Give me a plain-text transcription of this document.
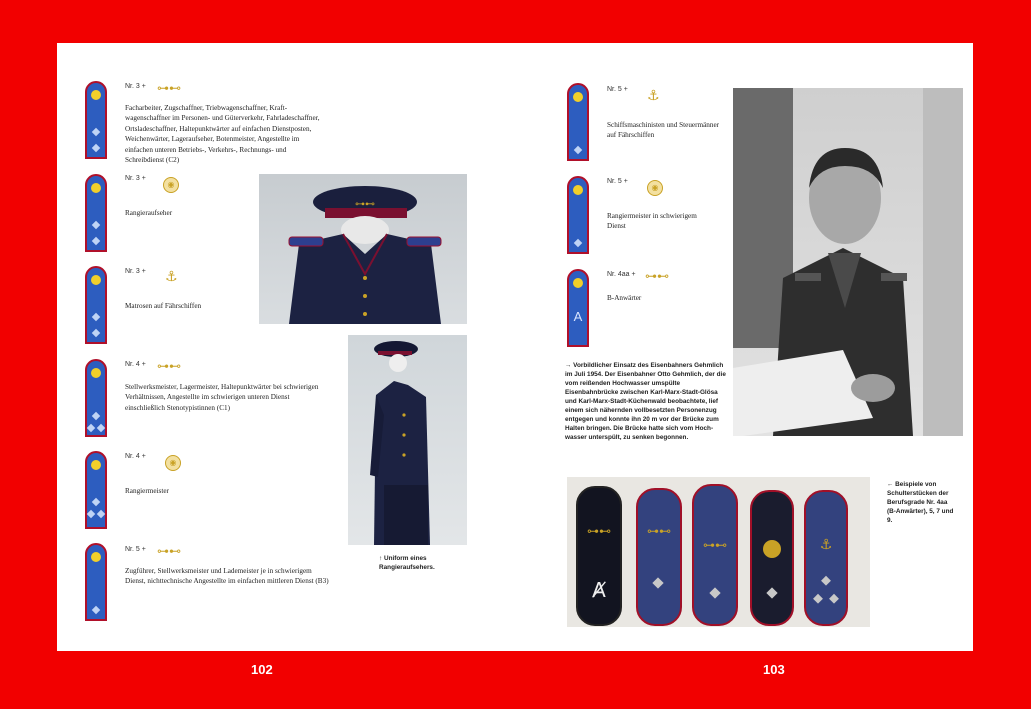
Nr. 3 + ⊶⊷
Facharbeiter, Zugschaffner, Triebwagenschaffner, Kraftwagenschaffner im Personen- und Güterverkehr, Fahrladeschaffner, Ortsladeschaffner, Haltepunktwärter auf einfachen Dienstposten, Weichenwärter, Lageraufseher, Botenmeister, Angestellte im einfachen unteren Betriebs-, Verkehrs-, Rechnungs- und Schreibdienst (C2)
Nr. 3 +
◉
Rangieraufseher
⊶⊷
Nr. 3 + ⚓
Matrosen auf Fährschiffen
Nr. 4 + ⊶⊷
Stellwerksmeister, Lagermeister, Haltepunktwärter bei schwierigen Verhältnissen, Angestellte im schwierigen unteren Dienst einschließlich Stenotypistinnen (C1)
Nr. 4 +
◉
Rangiermeister
Nr. 5 + ⊶⊷
Zugführer, Stellwerksmeister und Lademeister je in schwierigem Dienst, nichttechnische Angestellte im einfachen mittleren Dienst (B3)
↑ Uniform eines Rangieraufsehers.
Nr. 5 + ⚓
Schiffsmaschinisten und Steuermänner auf Fährschiffen
Nr. 5 +
◉
Rangiermeister in schwierigem Dienst
A
Nr. 4aa + ⊶⊷
B-Anwärter
→ Vorbildlicher Einsatz des Eisenbahners Gehmlich im Juli 1954. Der Eisenbahner Otto Gehmlich, der die vom reißenden Hochwasser umspülte Eisenbahnbrücke zwischen Karl-Marx-Stadt-Glösa und Karl-Marx-Stadt-Küchenwald beobachtete, lief einem sich nähernden vollbesetzten Personenzug entgegen und konnte ihn 20 m vor der Brücke zum Halten bringen. Die Brücke hatte sich vom Hochwasser unterspült, zu senken begonnen.
⊶⊷	⊶⊷
⊶⊷	⚓
Ⱥ
← Beispiele von Schulterstücken der Berufsgrade Nr. 4aa (B-Anwärter), 5, 7 und 9.
102	103
